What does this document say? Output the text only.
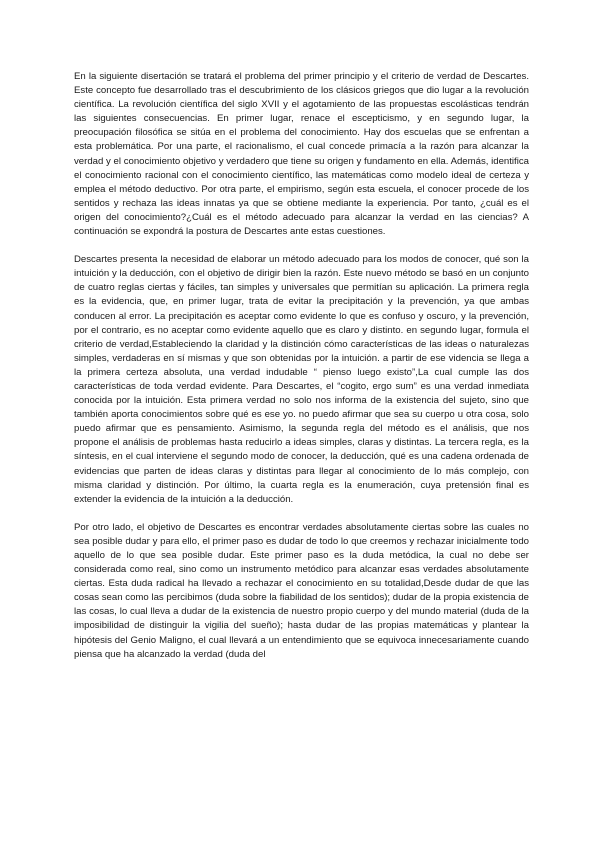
En la siguiente disertación se tratará el problema del primer principio y el criterio de verdad de Descartes. Este concepto fue desarrollado tras el descubrimiento de los clásicos griegos que dio lugar a la revolución científica. La revolución científica del siglo XVII y el agotamiento de las propuestas escolásticas tendrán las siguientes consecuencias. En primer lugar, renace el escepticismo, y en segundo lugar, la preocupación filosófica se sitúa en el problema del conocimiento. Hay dos escuelas que se enfrentan a esta problemática. Por una parte, el racionalismo, el cual concede primacía a la razón para alcanzar la verdad y el conocimiento objetivo y verdadero que tiene su origen y fundamento en ella. Además, identifica el conocimiento racional con el conocimiento científico, las matemáticas como modelo ideal de certeza y emplea el método deductivo. Por otra parte, el empirismo, según esta escuela, el conocer procede de los sentidos y rechaza las ideas innatas ya que se obtiene mediante la experiencia. Por tanto, ¿cuál es el origen del conocimiento?¿Cuál es el método adecuado para alcanzar la verdad en las ciencias? A continuación se expondrá la postura de Descartes ante estas cuestiones.

Descartes presenta la necesidad de elaborar un método adecuado para los modos de conocer, qué son la intuición y la deducción, con el objetivo de dirigir bien la razón. Este nuevo método se basó en un conjunto de cuatro reglas ciertas y fáciles, tan simples y universales que permitían su aplicación. La primera regla es la evidencia, que, en primer lugar, trata de evitar la precipitación y la prevención, ya que ambas conducen al error. La precipitación es aceptar como evidente lo que es confuso y oscuro, y la prevención, por el contrario, es no aceptar como evidente aquello que es claro y distinto. en segundo lugar, formula el criterio de verdad,Estableciendo la claridad y la distinción cómo características de las ideas o naturalezas simples, verdaderas en sí mismas y que son obtenidas por la intuición. a partir de ese videncia se llega a la primera certeza absoluta, una verdad indudable “ pienso luego existo”,La cual cumple las dos características de toda verdad evidente. Para Descartes, el “cogito, ergo sum” es una verdad inmediata conocida por la intuición. Esta primera verdad no solo nos informa de la existencia del sujeto, sino que también aporta conocimientos sobre qué es ese yo. no puedo afirmar que sea su cuerpo u otra cosa, solo puedo afirmar que es pensamiento. Asimismo, la segunda regla del método es el análisis, que nos propone el análisis de problemas hasta reducirlo a ideas simples, claras y distintas. La tercera regla, es la síntesis, en el cual interviene el segundo modo de conocer, la deducción, qué es una cadena ordenada de evidencias que parten de ideas claras y distintas para llegar al conocimiento de lo más complejo, con misma claridad y distinción. Por último, la cuarta regla es la enumeración, cuya pretensión final es extender la evidencia de la intuición a la deducción.

Por otro lado, el objetivo de Descartes es encontrar verdades absolutamente ciertas sobre las cuales no sea posible dudar y para ello, el primer paso es dudar de todo lo que creemos y rechazar inicialmente todo aquello de lo que sea posible dudar. Este primer paso es la duda metódica, la cual no debe ser considerada como real, sino como un instrumento metódico para alcanzar esas verdades absolutamente ciertas. Esta duda radical ha llevado a rechazar el conocimiento en su totalidad,Desde dudar de que las cosas sean como las percibimos (duda sobre la fiabilidad de los sentidos); dudar de la propia existencia de las cosas, lo cual lleva a dudar de la existencia de nuestro propio cuerpo y del mundo material (duda de la imposibilidad de distinguir la vigilia del sueño); hasta dudar de las propias matemáticas y plantear la hipótesis del Genio Maligno, el cual llevará a un entendimiento que se equivoca innecesariamente cuando piensa que ha alcanzado la verdad (duda del
